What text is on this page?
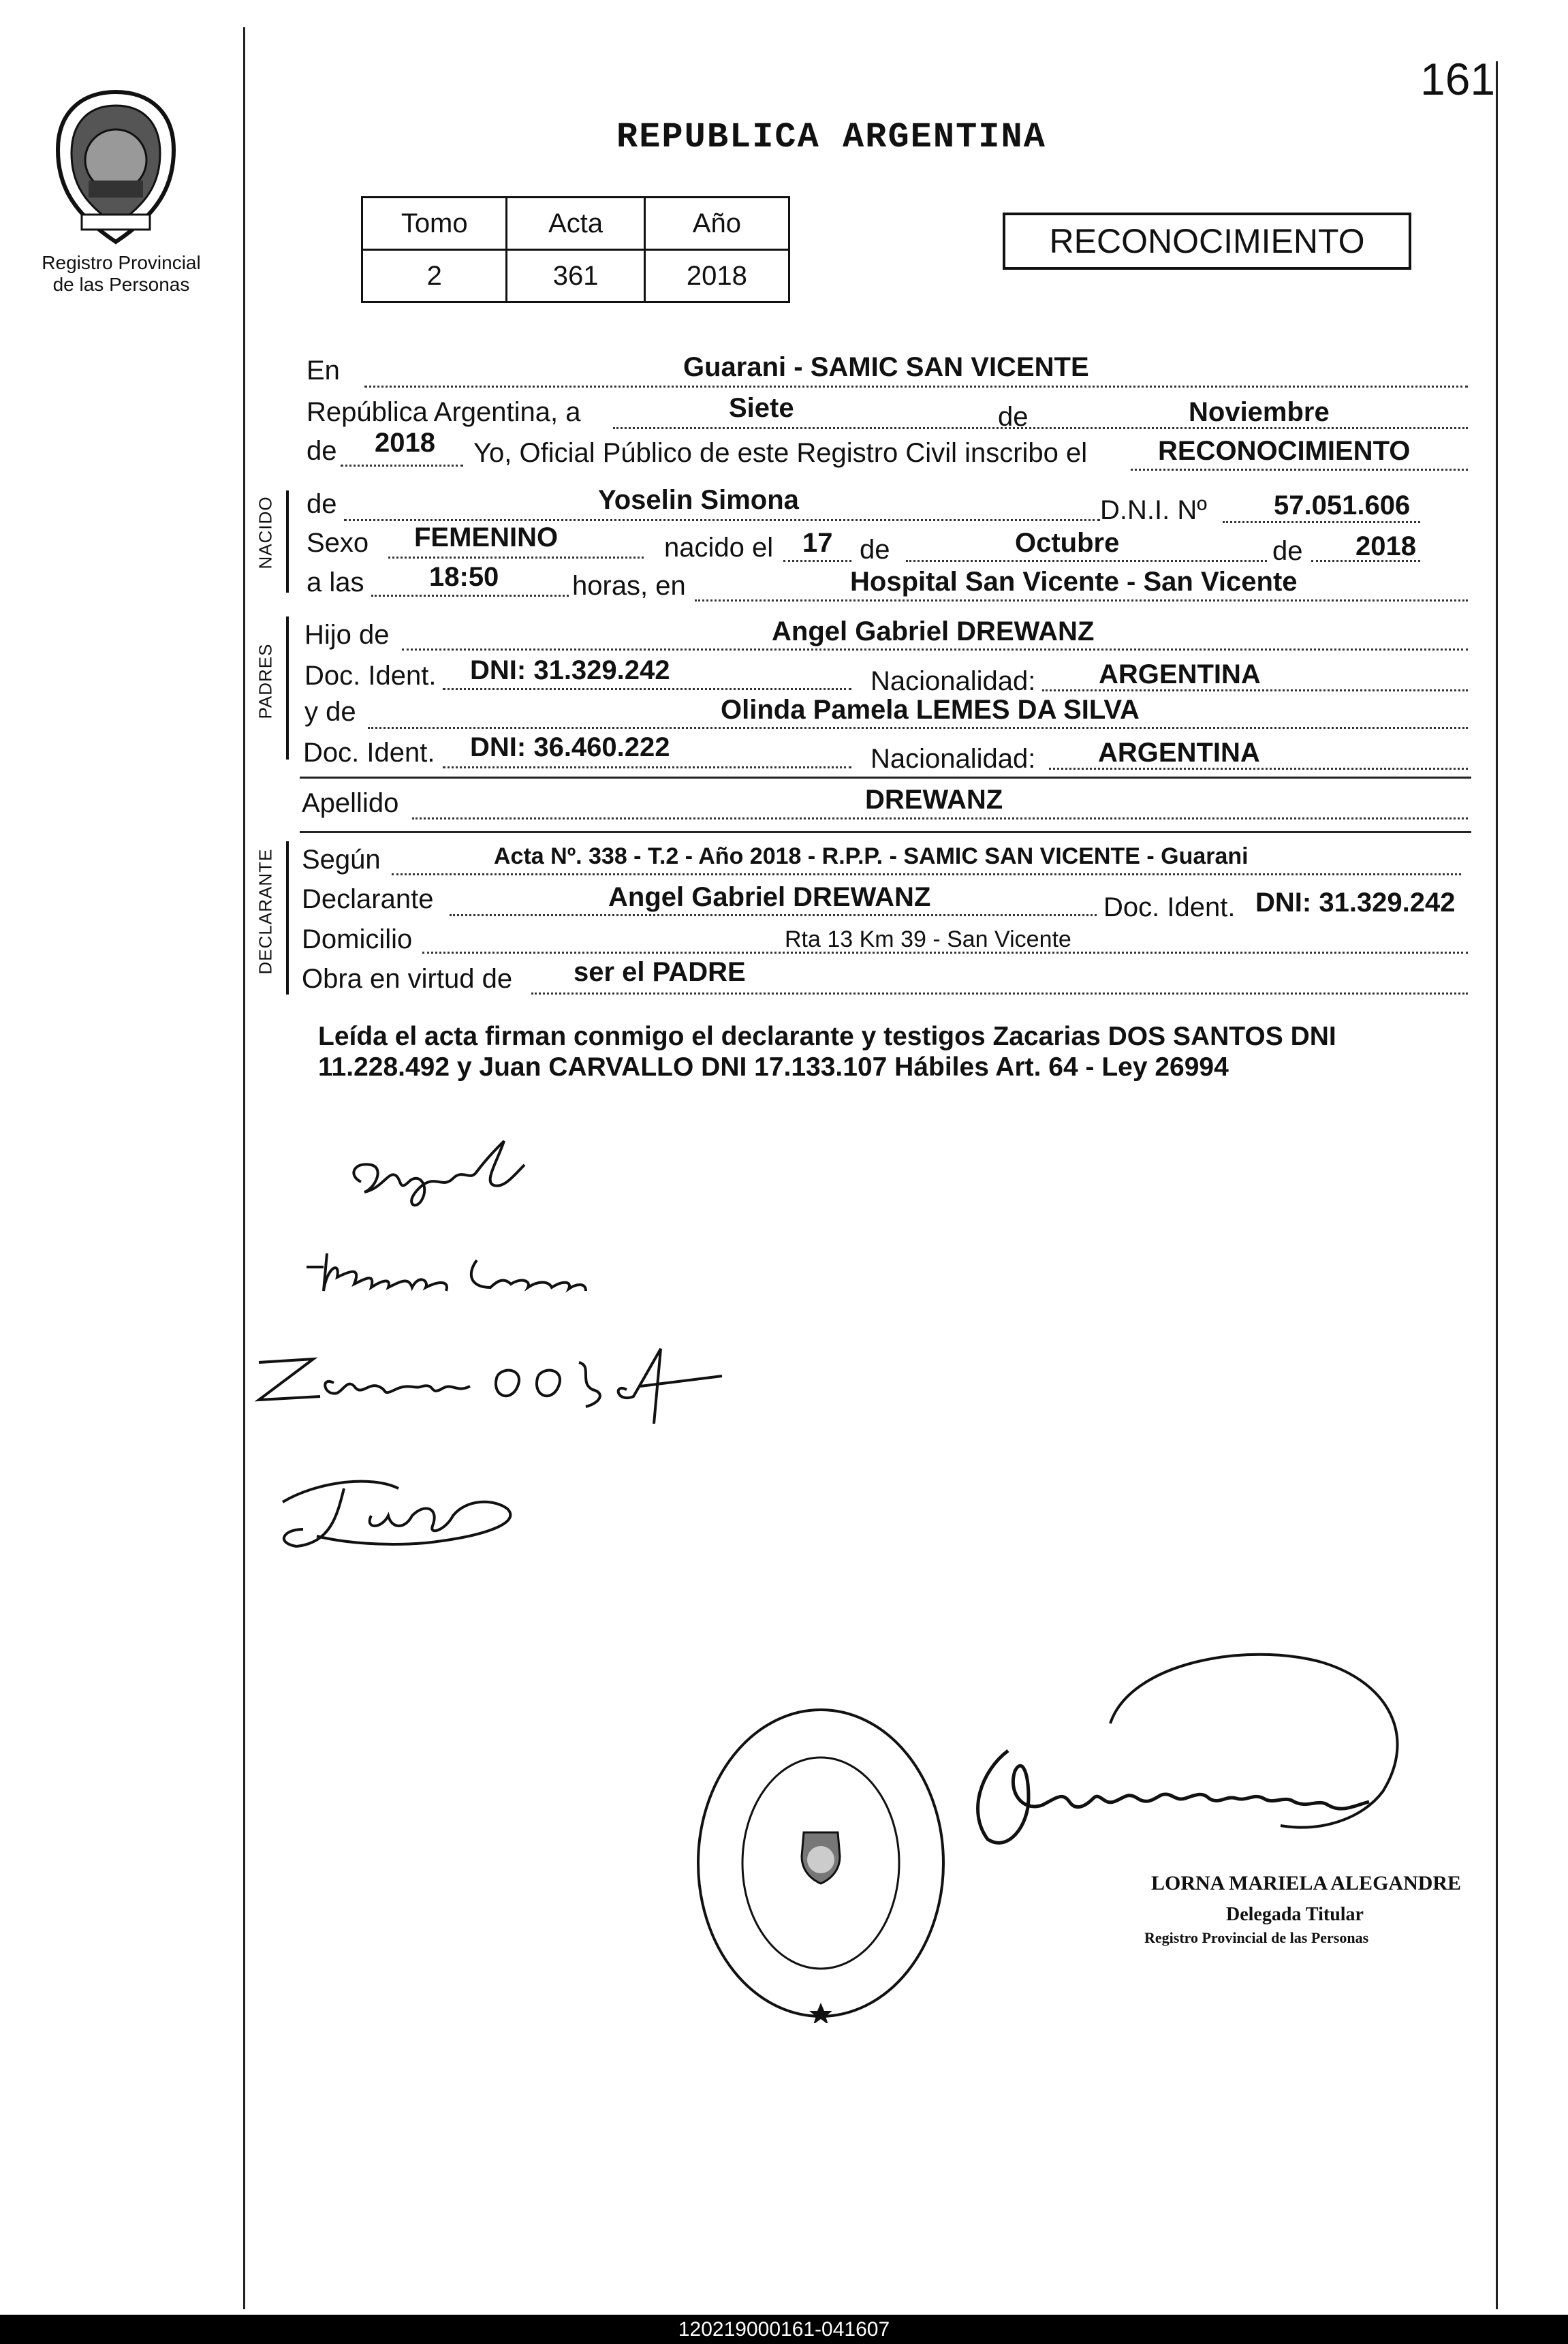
161
Registro Provincial
de las Personas
REPUBLICA ARGENTINA
Tomo	Acta	Año
2	361	2018
RECONOCIMIENTO
NACIDO
PADRES
DECLARANTE
En	Guarani - SAMIC SAN VICENTE
República Argentina, a	Siete	de	Noviembre
de 2018 Yo, Oficial Público de este Registro Civil inscribo el	RECONOCIMIENTO
de	Yoselin Simona	D.N.I. Nº 57.051.606
Sexo FEMENINO	nacido el 17 de	Octubre	de 2018
a las 18:50	horas, en	Hospital San Vicente - San Vicente
Hijo de	Angel Gabriel DREWANZ
Doc. Ident. DNI: 31.329.242	Nacionalidad: ARGENTINA
y de	Olinda Pamela LEMES DA SILVA
Doc. Ident. DNI: 36.460.222	Nacionalidad: ARGENTINA
Apellido	DREWANZ
Según	Acta Nº. 338 - T.2 - Año 2018 - R.P.P. - SAMIC SAN VICENTE - Guarani
Declarante	Angel Gabriel DREWANZ	Doc. Ident. DNI: 31.329.242
Domicilio	Rta 13 Km 39 - San Vicente
Obra en virtud de ser el PADRE
Leída el acta firman conmigo el declarante y testigos Zacarias DOS SANTOS DNI
11.228.492 y Juan CARVALLO DNI 17.133.107 Hábiles Art. 64 - Ley 26994
LORNA MARIELA ALEGANDRE
Delegada Titular
Registro Provincial de las Personas
120219000161-041607
